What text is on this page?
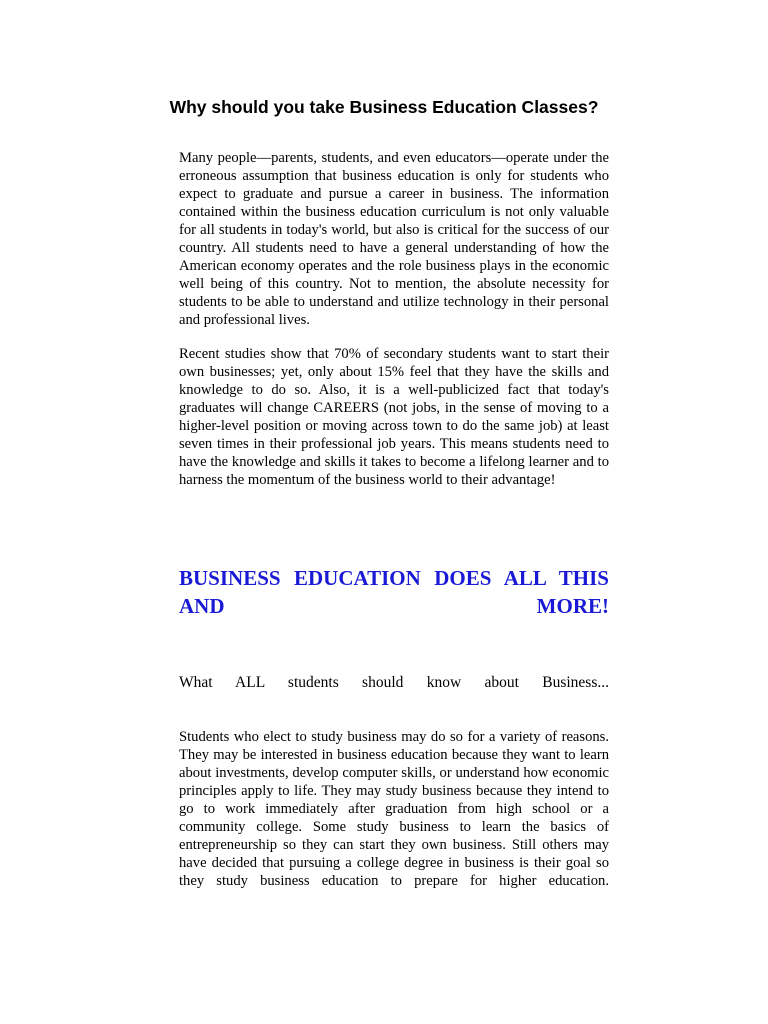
Why should you take Business Education Classes?
Many people—parents, students, and even educators—operate under the erroneous assumption that business education is only for students who expect to graduate and pursue a career in business. The information contained within the business education curriculum is not only valuable for all students in today's world, but also is critical for the success of our country. All students need to have a general understanding of how the American economy operates and the role business plays in the economic well being of this country. Not to mention, the absolute necessity for students to be able to understand and utilize technology in their personal and professional lives.
Recent studies show that 70% of secondary students want to start their own businesses; yet, only about 15% feel that they have the skills and knowledge to do so. Also, it is a well-publicized fact that today's graduates will change CAREERS (not jobs, in the sense of moving to a higher-level position or moving across town to do the same job) at least seven times in their professional job years. This means students need to have the knowledge and skills it takes to become a lifelong learner and to harness the momentum of the business world to their advantage!
BUSINESS EDUCATION DOES ALL THIS AND MORE!
What ALL students should know about Business...
Students who elect to study business may do so for a variety of reasons. They may be interested in business education because they want to learn about investments, develop computer skills, or understand how economic principles apply to life. They may study business because they intend to go to work immediately after graduation from high school or a community college. Some study business to learn the basics of entrepreneurship so they can start they own business. Still others may have decided that pursuing a college degree in business is their goal so they study business education to prepare for higher education.
